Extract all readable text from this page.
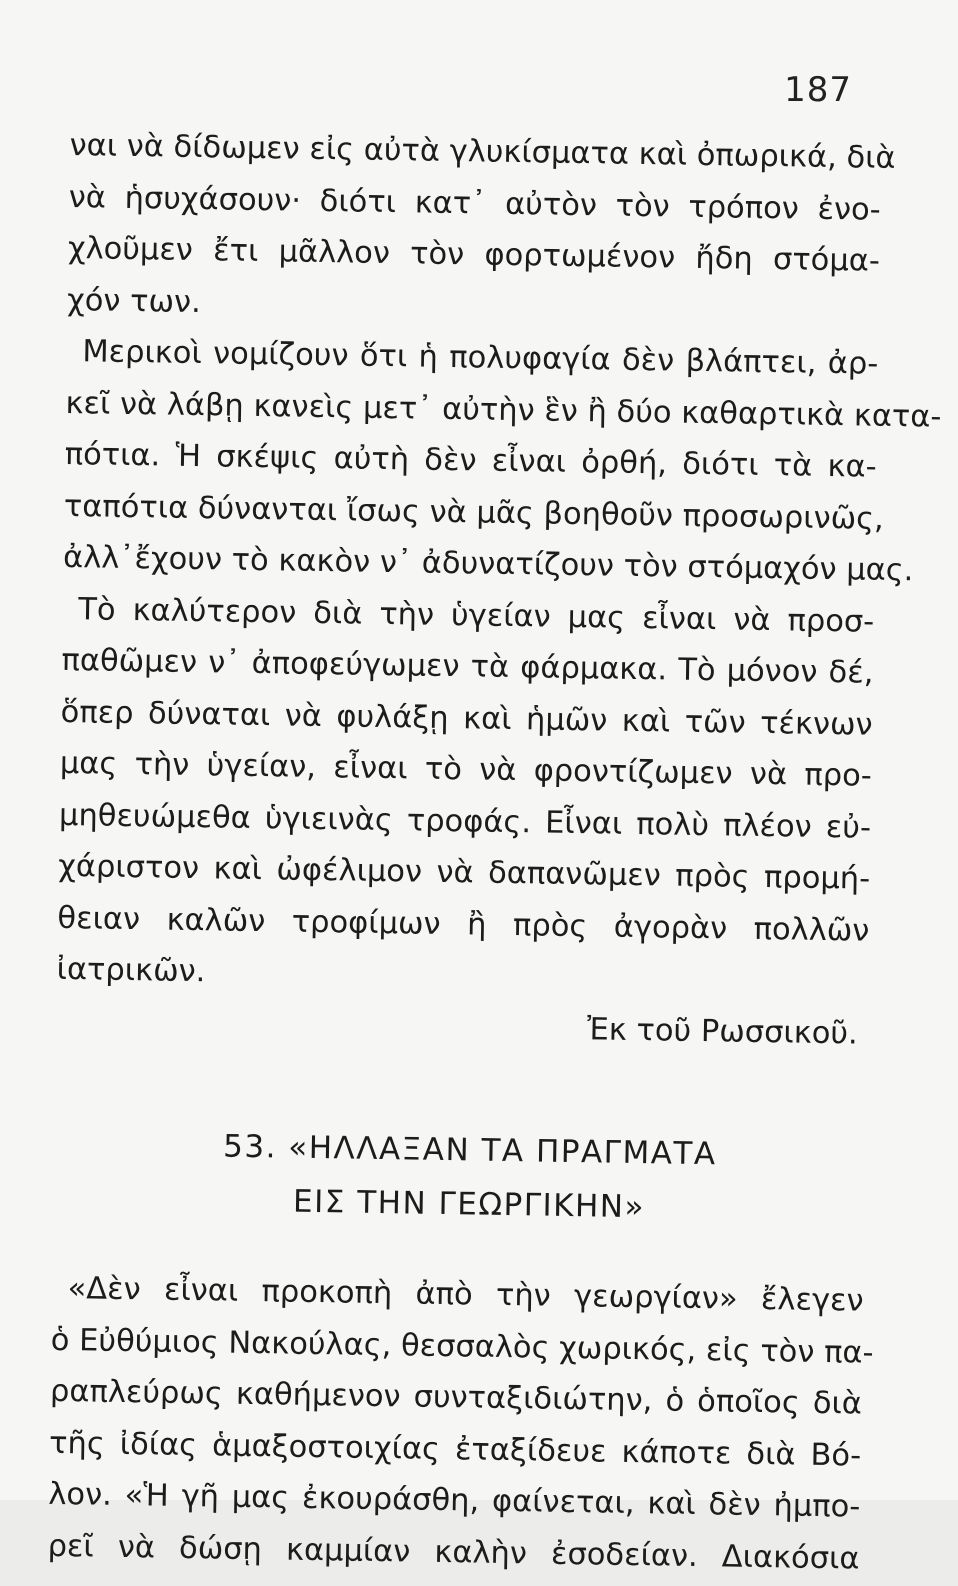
187
ναι νὰ δίδωμεν εἰς αὐτὰ γλυκίσματα καὶ ὀπωρικά, διὰ
νὰ ἡσυχάσουν· διότι κατ᾽ αὐτὸν τὸν τρόπον ἐνο-
χλοῦμεν ἔτι μᾶλλον τὸν φορτωμένον ἤδη στόμα-
χόν των.
Μερικοὶ νομίζουν ὅτι ἡ πολυφαγία δὲν βλάπτει, ἀρ-
κεῖ νὰ λάβῃ κανεὶς μετ᾽ αὐτὴν ἓν ἢ δύο καθαρτικὰ κατα-
πότια. Ἡ σκέψις αὐτὴ δὲν εἶναι ὀρθή, διότι τὰ κα-
ταπότια δύνανται ἴσως νὰ μᾶς βοηθοῦν προσωρινῶς,
ἀλλ᾽ἔχουν τὸ κακὸν ν᾽ ἀδυνατίζουν τὸν στόμαχόν μας.
Τὸ καλύτερον διὰ τὴν ὑγείαν μας εἶναι νὰ προσ-
παθῶμεν ν᾽ ἀποφεύγωμεν τὰ φάρμακα. Τὸ μόνον δέ,
ὅπερ δύναται νὰ φυλάξῃ καὶ ἡμῶν καὶ τῶν τέκνων
μας τὴν ὑγείαν, εἶναι τὸ νὰ φροντίζωμεν νὰ προ-
μηθευώμεθα ὑγιεινὰς τροφάς. Εἶναι πολὺ πλέον εὐ-
χάριστον καὶ ὠφέλιμον νὰ δαπανῶμεν πρὸς προμή-
θειαν καλῶν τροφίμων ἢ πρὸς ἀγορὰν πολλῶν
ἰατρικῶν.
Ἐκ τοῦ Ρωσσικοῦ.
53. «ΗΛΛΑΞΑΝ ΤΑ ΠΡΑΓΜΑΤΑ
ΕΙΣ ΤΗΝ ΓΕΩΡΓΙΚΗΝ»
«Δὲν εἶναι προκοπὴ ἀπὸ τὴν γεωργίαν» ἔλεγεν
ὁ Εὐθύμιος Νακούλας, θεσσαλὸς χωρικός, εἰς τὸν πα-
ραπλεύρως καθήμενον συνταξιδιώτην, ὁ ὁποῖος διὰ
τῆς ἰδίας ἁμαξοστοιχίας ἐταξίδευε κάποτε διὰ Βό-
λον. «Ἡ γῆ μας ἐκουράσθη, φαίνεται, καὶ δὲν ἠμπο-
ρεῖ νὰ δώσῃ καμμίαν καλὴν ἐσοδείαν. Διακόσια
